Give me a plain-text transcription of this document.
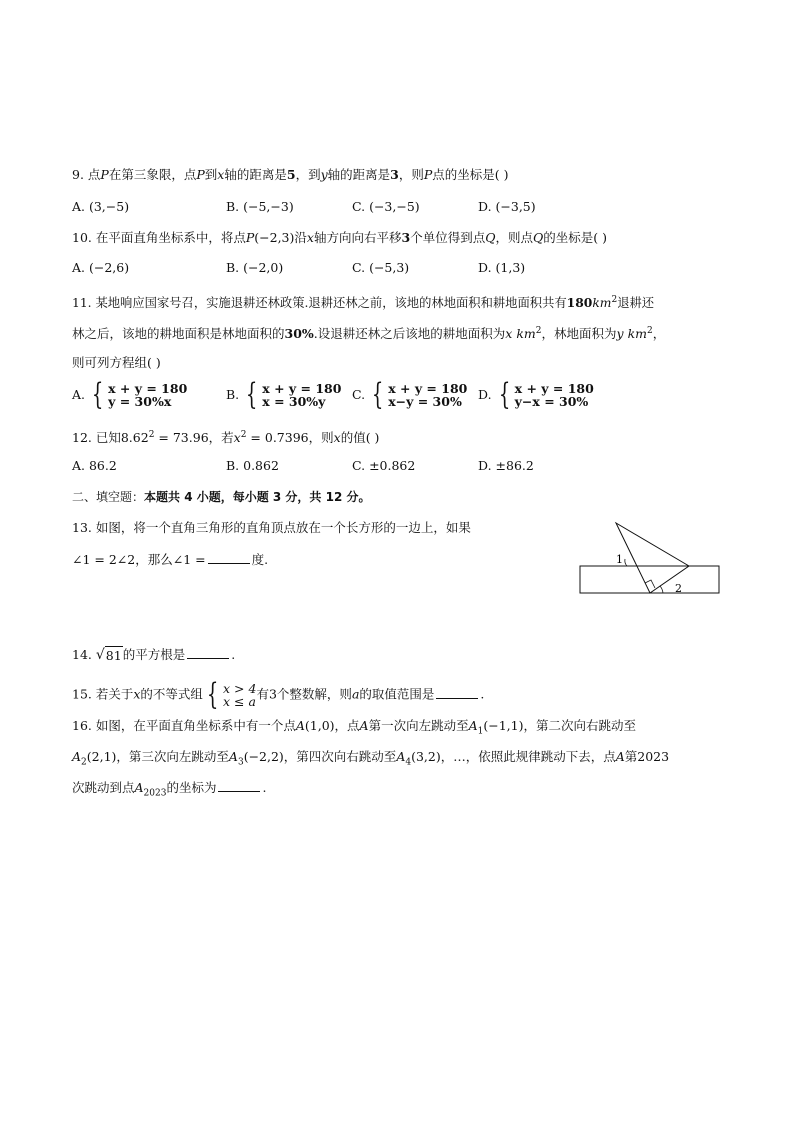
9. 点P在第三象限，点P到x轴的距离是5，到y轴的距离是3，则P点的坐标是( )
A. (3,−5)	B. (−5,−3)	C. (−3,−5)	D. (−3,5)
10. 在平面直角坐标系中，将点P(−2,3)沿x轴方向向右平移3个单位得到点Q，则点Q的坐标是( )
A. (−2,6)	B. (−2,0)	C. (−5,3)	D. (1,3)
11. 某地响应国家号召，实施退耕还林政策.退耕还林之前，该地的林地面积和耕地面积共有$180km^2$退耕还
林之后，该地的耕地面积是林地面积的30%.设退耕还林之后该地的耕地面积为x $km^2$，林地面积为y $km^2$，
则可列方程组( )
A. { x + y = 180
y = 30%x	B. { x + y = 180
x = 30%y	C. { x + y = 180
x−y = 30%	D. { x + y = 180
y−x = 30%
12. 已知$8.62^2 = 73.96$，若$x^2 = 0.7396$，则x的值( )
A. 86.2	B. 0.862	C. ±0.862	D. ±86.2
二、填空题：本题共 4 小题，每小题 3 分，共 12 分。
13. 如图，将一个直角三角形的直角顶点放在一个长方形的一边上，如果
∠1 = 2∠2，那么∠1 =	度.	1
2
14. √ 81 的平方根是	.
15. 若关于x的不等式组 { x > 4
x ≤ a 有3个整数解，则a的取值范围是	.
16. 如图，在平面直角坐标系中有一个点A(1,0)，点A第一次向左跳动至$A_1(-1,1)$，第二次向右跳动至
$A_2(2,1)$，第三次向左跳动至$A_3(-2,2)$，第四次向右跳动至$A_4(3,2)$，…，依照此规律跳动下去，点A第2023
次跳动到点$A_{2023}$的坐标为	.
